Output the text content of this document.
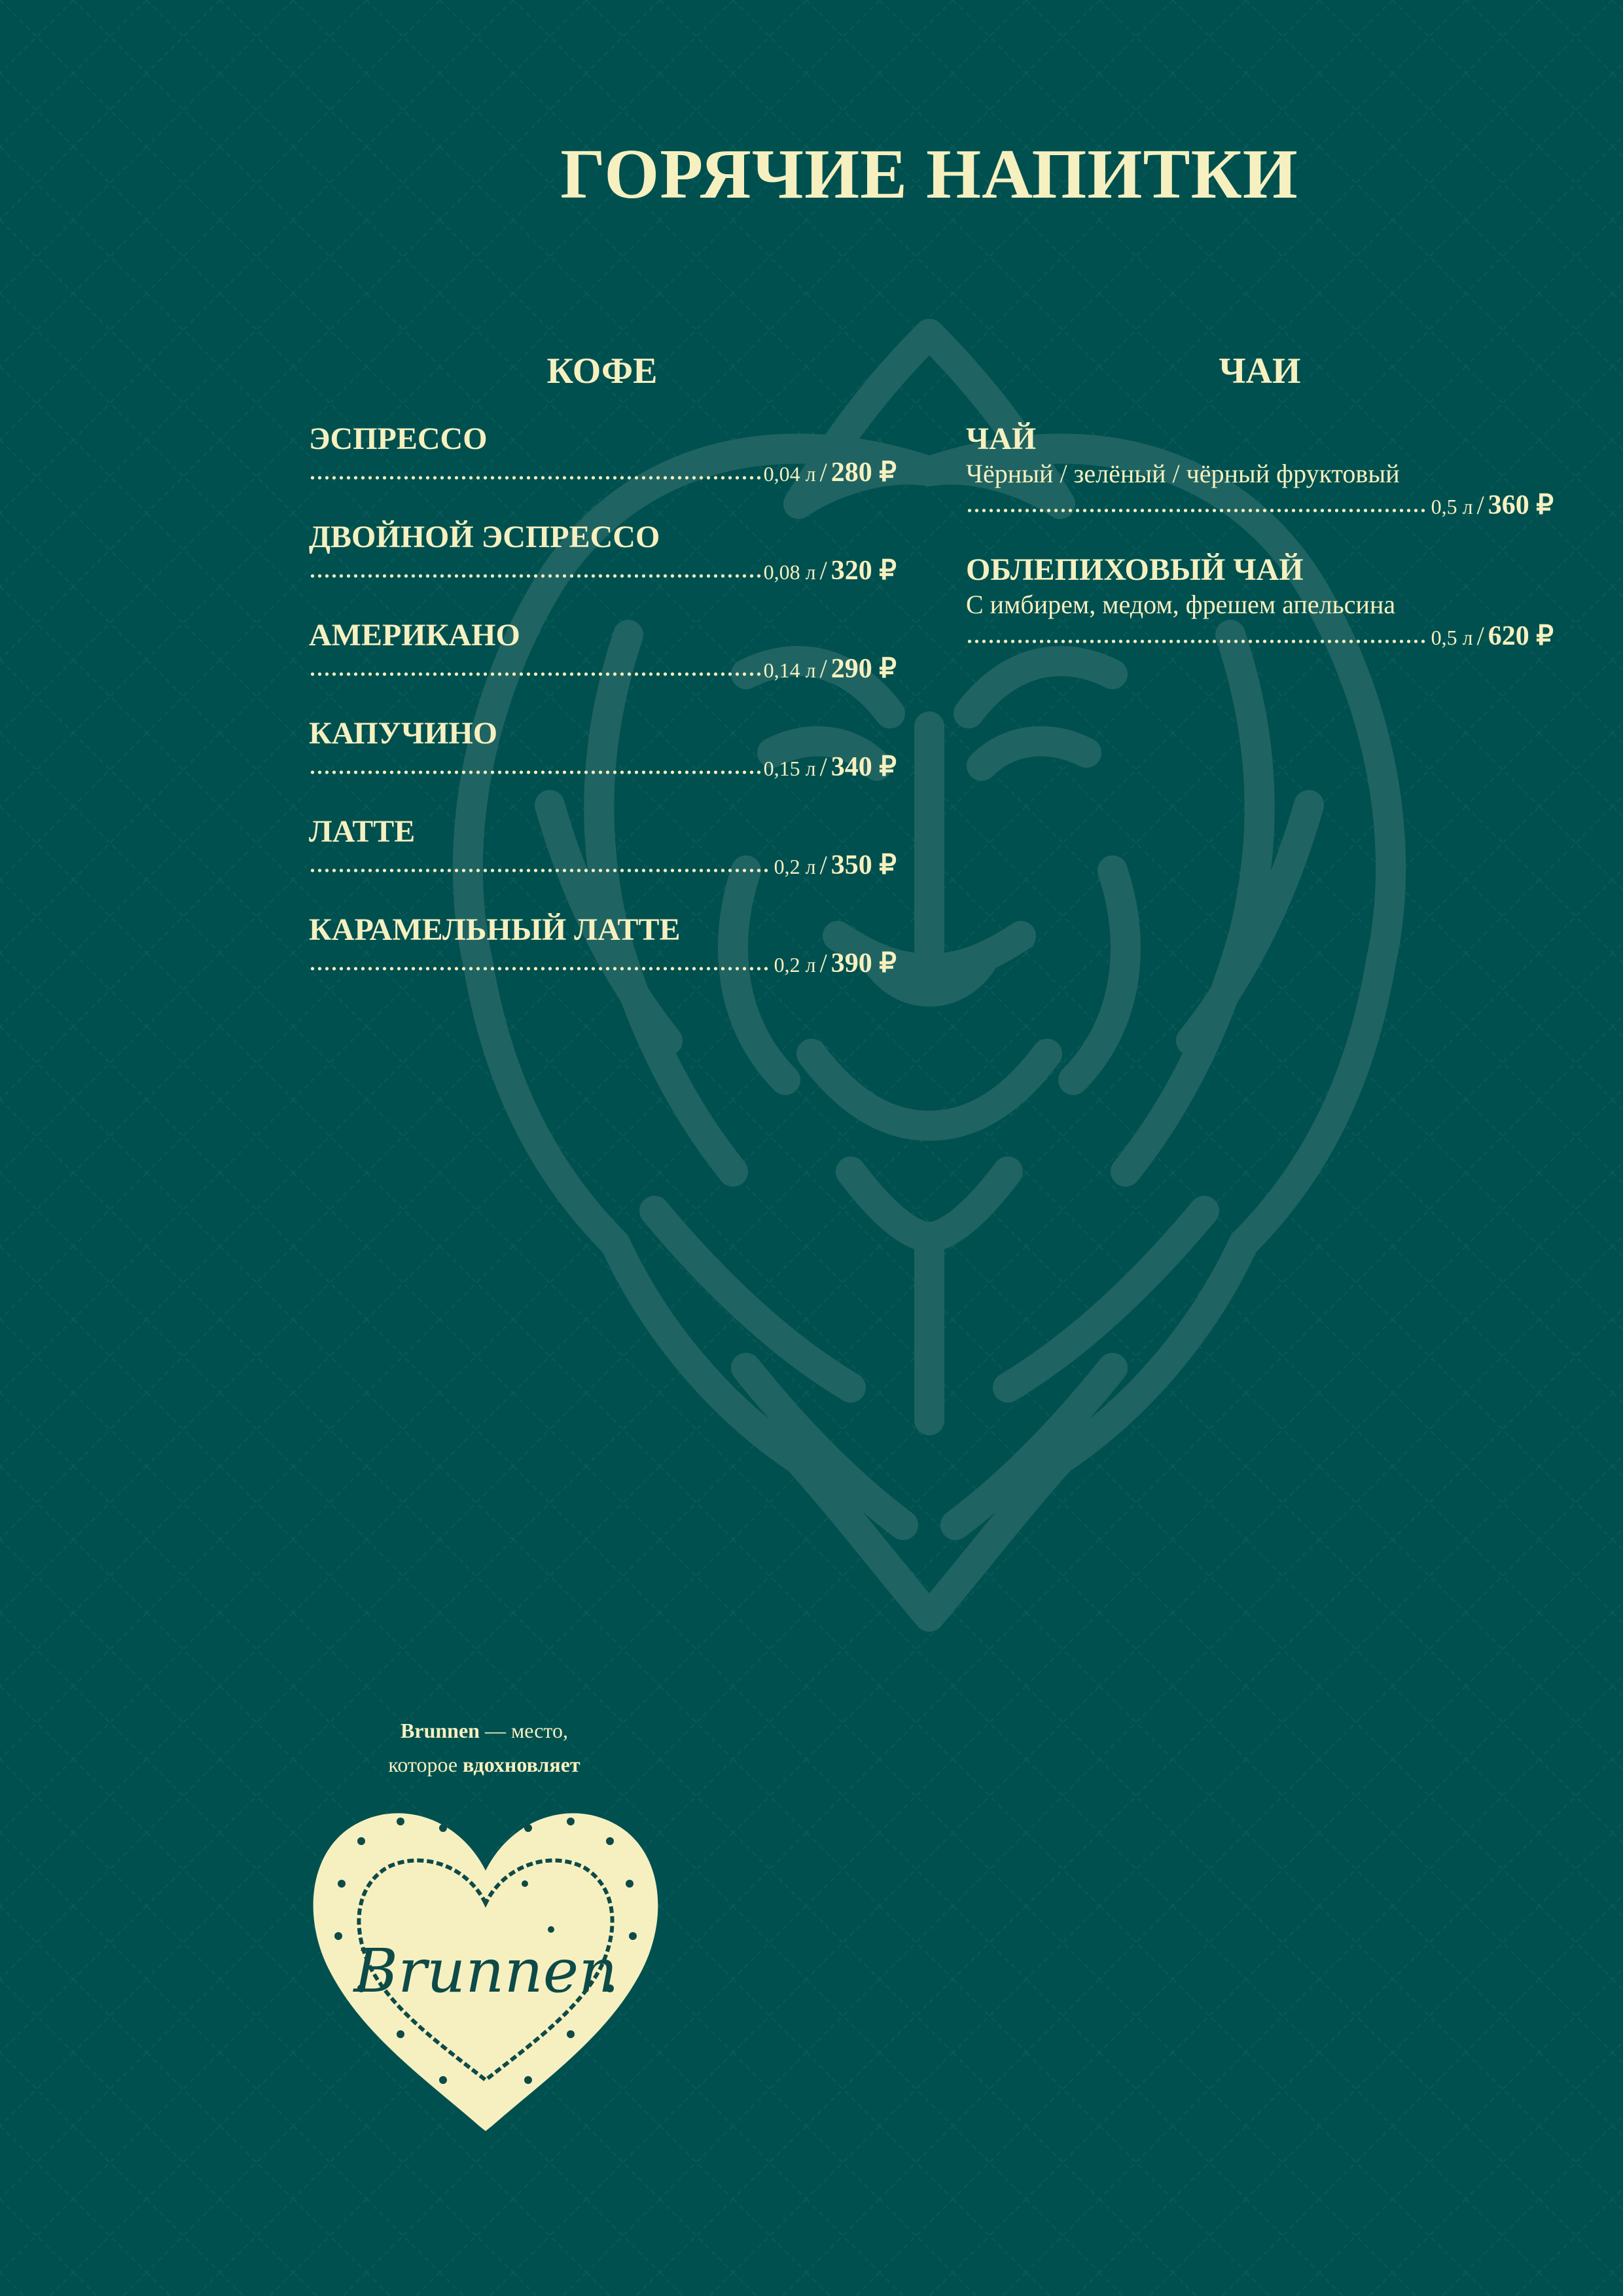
ГОРЯЧИЕ НАПИТКИ
КОФЕ
ЭСПРЕССО
0,04 л / 280 ₽
ДВОЙНОЙ ЭСПРЕССО
0,08 л / 320 ₽
АМЕРИКАНО
0,14 л / 290 ₽
КАПУЧИНО
0,15 л / 340 ₽
ЛАТТЕ
0,2 л / 350 ₽
КАРАМЕЛЬНЫЙ ЛАТТЕ
0,2 л / 390 ₽
ЧАИ
ЧАЙ
Чёрный / зелёный / чёрный фруктовый
0,5 л / 360 ₽
ОБЛЕПИХОВЫЙ ЧАЙ
С имбирем, медом, фрешем апельсина
0,5 л / 620 ₽
Brunnen — место,
которое вдохновляет
Brunnen
